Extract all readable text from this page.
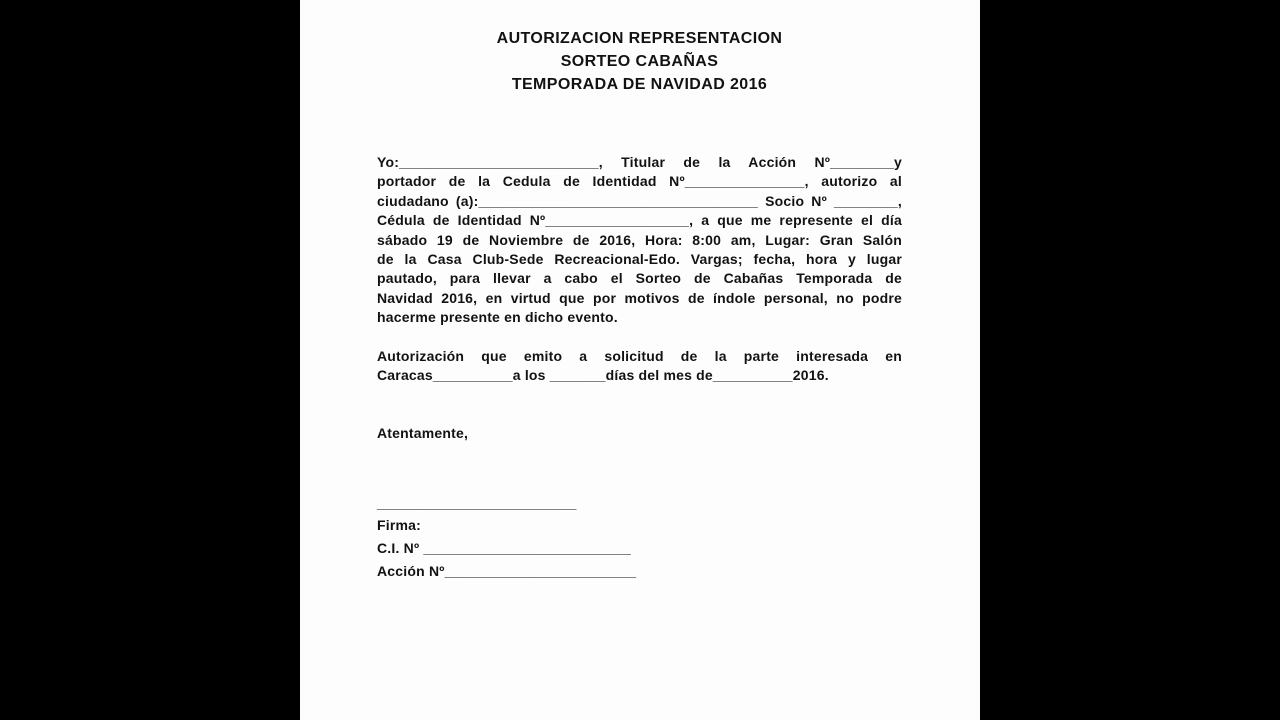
AUTORIZACION REPRESENTACION
SORTEO CABAÑAS
TEMPORADA DE NAVIDAD 2016
Yo:_________________________, Titular de la Acción Nº________y
portador de la Cedula de Identidad Nº_______________, autorizo al
ciudadano (a):___________________________________ Socio Nº ________,
Cédula de Identidad Nº__________________, a que me represente el día
sábado 19 de Noviembre de 2016, Hora: 8:00 am, Lugar: Gran Salón
de la Casa Club-Sede Recreacional-Edo. Vargas; fecha, hora y lugar
pautado, para llevar a cabo el Sorteo de Cabañas Temporada de
Navidad 2016, en virtud que por motivos de índole personal, no podre
hacerme presente en dicho evento.
Autorización que emito a solicitud de la parte interesada en
Caracas__________a los _______días del mes de__________2016.
Atentamente,
_________________________
Firma:
C.I. Nº __________________________
Acción Nº________________________
